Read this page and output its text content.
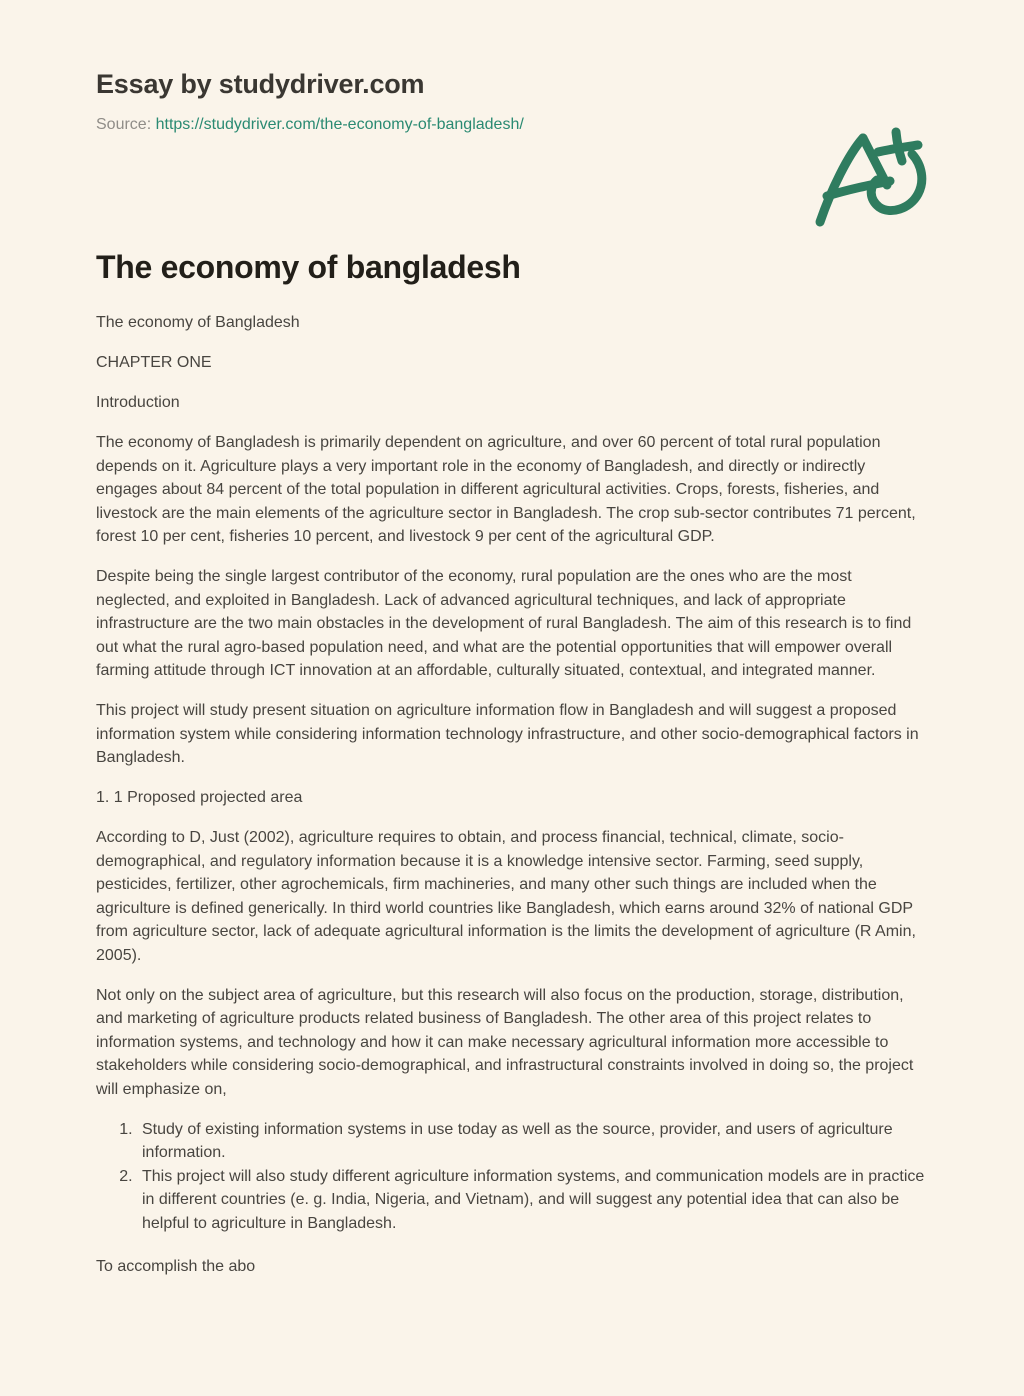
Essay by studydriver.com
Source: https://studydriver.com/the-economy-of-bangladesh/
The economy of bangladesh

The economy of Bangladesh

CHAPTER ONE

Introduction

The economy of Bangladesh is primarily dependent on agriculture, and over 60 percent of total rural population depends on it. Agriculture plays a very important role in the economy of Bangladesh, and directly or indirectly engages about 84 percent of the total population in different agricultural activities. Crops, forests, fisheries, and livestock are the main elements of the agriculture sector in Bangladesh. The crop sub-sector contributes 71 percent, forest 10 per cent, fisheries 10 percent, and livestock 9 per cent of the agricultural GDP.

Despite being the single largest contributor of the economy, rural population are the ones who are the most neglected, and exploited in Bangladesh. Lack of advanced agricultural techniques, and lack of appropriate infrastructure are the two main obstacles in the development of rural Bangladesh. The aim of this research is to find out what the rural agro-based population need, and what are the potential opportunities that will empower overall farming attitude through ICT innovation at an affordable, culturally situated, contextual, and integrated manner.

This project will study present situation on agriculture information flow in Bangladesh and will suggest a proposed information system while considering information technology infrastructure, and other socio-demographical factors in Bangladesh.

1. 1 Proposed projected area

According to D, Just (2002), agriculture requires to obtain, and process financial, technical, climate, socio-demographical, and regulatory information because it is a knowledge intensive sector. Farming, seed supply, pesticides, fertilizer, other agrochemicals, firm machineries, and many other such things are included when the agriculture is defined generically. In third world countries like Bangladesh, which earns around 32% of national GDP from agriculture sector, lack of adequate agricultural information is the limits the development of agriculture (R Amin, 2005).

Not only on the subject area of agriculture, but this research will also focus on the production, storage, distribution, and marketing of agriculture products related business of Bangladesh. The other area of this project relates to information systems, and technology and how it can make necessary agricultural information more accessible to stakeholders while considering socio-demographical, and infrastructural constraints involved in doing so, the project will emphasize on,

1. Study of existing information systems in use today as well as the source, provider, and users of agriculture information.
2. This project will also study different agriculture information systems, and communication models are in practice in different countries (e. g. India, Nigeria, and Vietnam), and will suggest any potential idea that can also be helpful to agriculture in Bangladesh.

To accomplish the abo
